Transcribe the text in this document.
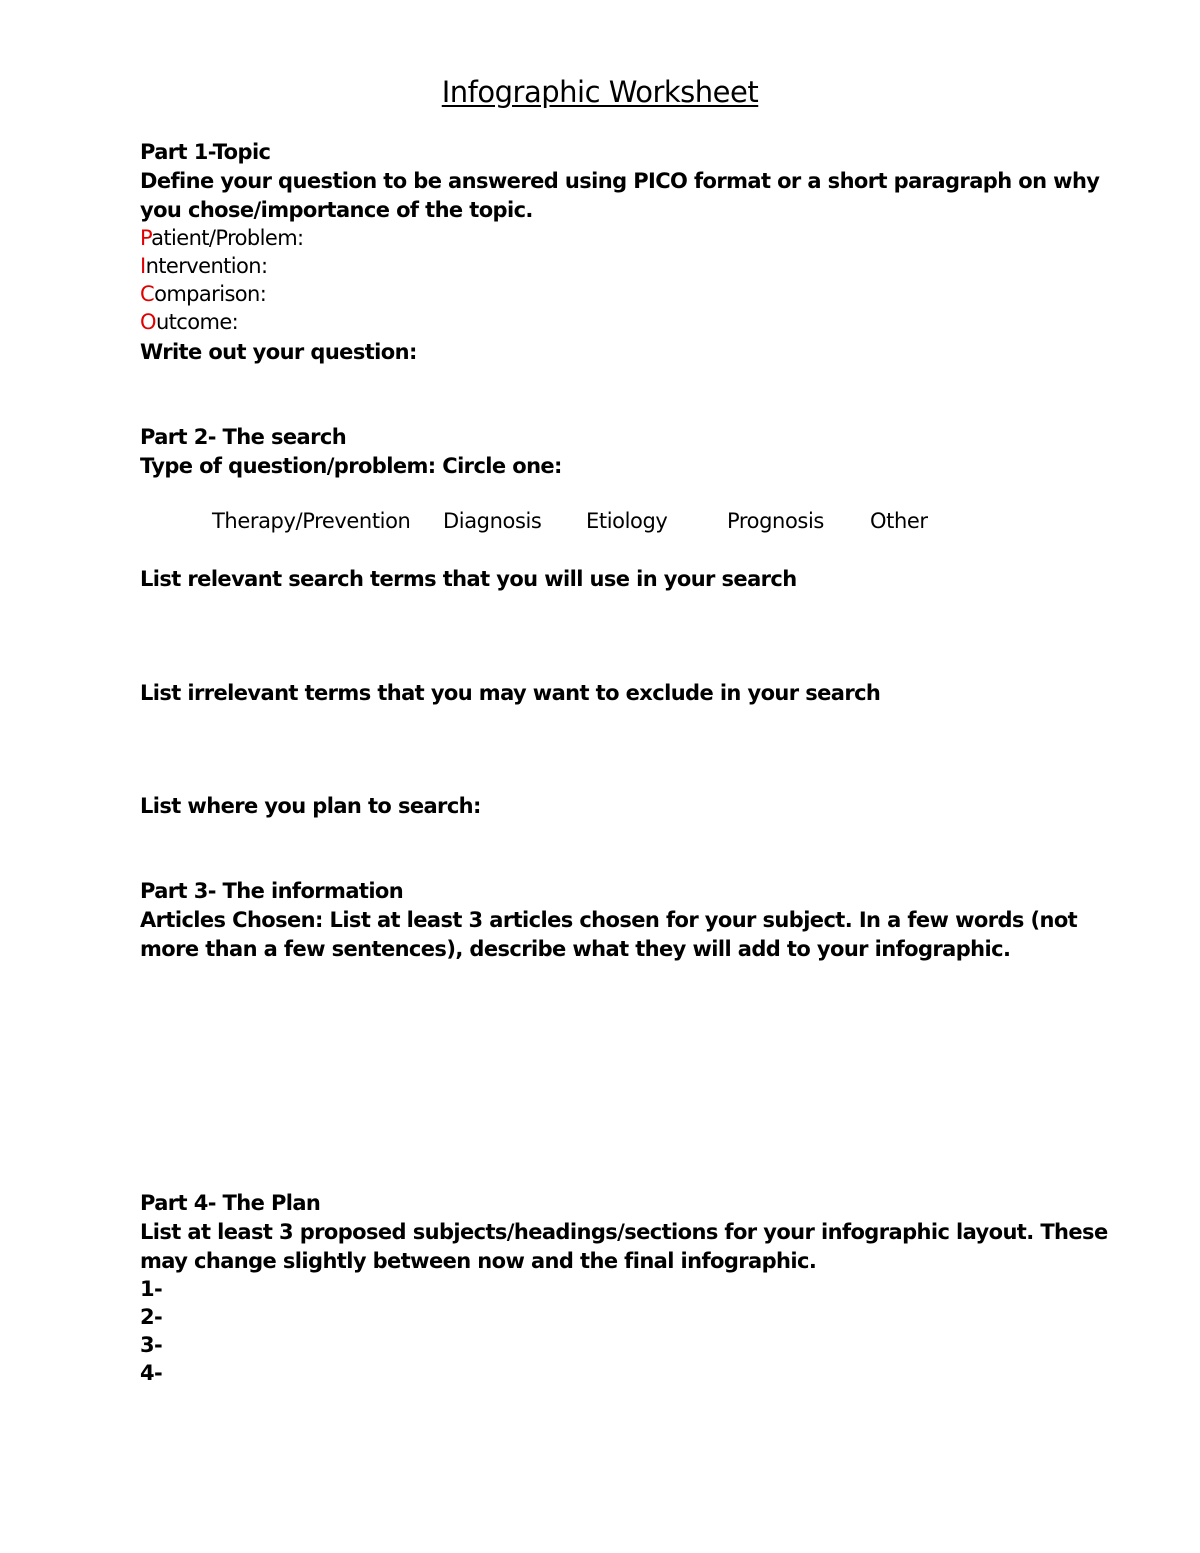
Infographic Worksheet
Part 1-Topic
Define your question to be answered using PICO format or a short paragraph on why
you chose/importance of the topic.
Patient/Problem:
Intervention:
Comparison:
Outcome:
Write out your question:
Part 2- The search
Type of question/problem: Circle one:
Therapy/Prevention Diagnosis Etiology	Prognosis Other
List relevant search terms that you will use in your search
List irrelevant terms that you may want to exclude in your search
List where you plan to search:
Part 3- The information
Articles Chosen: List at least 3 articles chosen for your subject. In a few words (not
more than a few sentences), describe what they will add to your infographic.
Part 4- The Plan
List at least 3 proposed subjects/headings/sections for your infographic layout. These
may change slightly between now and the final infographic.
1-
2-
3-
4-
